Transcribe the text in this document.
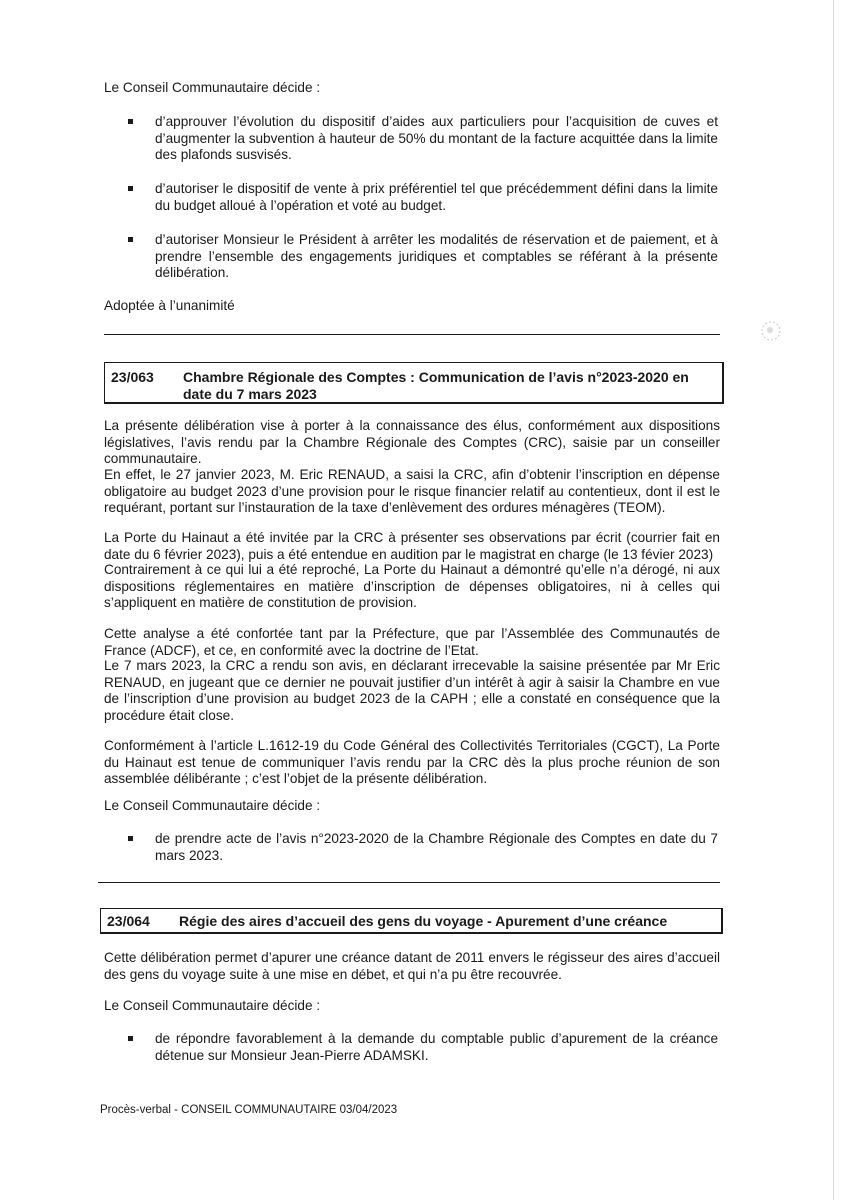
Le Conseil Communautaire décide :

d’approuver l’évolution du dispositif d’aides aux particuliers pour l’acquisition de cuves et d’augmenter la subvention à hauteur de 50% du montant de la facture acquittée dans la limite des plafonds susvisés.

d’autoriser le dispositif de vente à prix préférentiel tel que précédemment défini dans la limite du budget alloué à l’opération et voté au budget.

d’autoriser Monsieur le Président à arrêter les modalités de réservation et de paiement, et à prendre l’ensemble des engagements juridiques et comptables se référant à la présente délibération.

Adoptée à l’unanimité

23/063 Chambre Régionale des Comptes : Communication de l’avis n°2023-2020 en date du 7 mars 2023

La présente délibération vise à porter à la connaissance des élus, conformément aux dispositions législatives, l’avis rendu par la Chambre Régionale des Comptes (CRC), saisie par un conseiller communautaire.

En effet, le 27 janvier 2023, M. Eric RENAUD, a saisi la CRC, afin d’obtenir l’inscription en dépense obligatoire au budget 2023 d’une provision pour le risque financier relatif au contentieux, dont il est le requérant, portant sur l’instauration de la taxe d’enlèvement des ordures ménagères (TEOM).

La Porte du Hainaut a été invitée par la CRC à présenter ses observations par écrit (courrier fait en date du 6 février 2023), puis a été entendue en audition par le magistrat en charge (le 13 févier 2023)

Contrairement à ce qui lui a été reproché, La Porte du Hainaut a démontré qu’elle n’a dérogé, ni aux dispositions réglementaires en matière d’inscription de dépenses obligatoires, ni à celles qui s’appliquent en matière de constitution de provision.

Cette analyse a été confortée tant par la Préfecture, que par l’Assemblée des Communautés de France (ADCF), et ce, en conformité avec la doctrine de l’Etat.

Le 7 mars 2023, la CRC a rendu son avis, en déclarant irrecevable la saisine présentée par Mr Eric RENAUD, en jugeant que ce dernier ne pouvait justifier d’un intérêt à agir à saisir la Chambre en vue de l’inscription d’une provision au budget 2023 de la CAPH ; elle a constaté en conséquence que la procédure était close.

Conformément à l’article L.1612-19 du Code Général des Collectivités Territoriales (CGCT), La Porte du Hainaut est tenue de communiquer l’avis rendu par la CRC dès la plus proche réunion de son assemblée délibérante ; c’est l’objet de la présente délibération.

Le Conseil Communautaire décide :

de prendre acte de l’avis n°2023-2020 de la Chambre Régionale des Comptes en date du 7 mars 2023.

23/064 Régie des aires d’accueil des gens du voyage - Apurement d’une créance

Cette délibération permet d’apurer une créance datant de 2011 envers le régisseur des aires d’accueil des gens du voyage suite à une mise en débet, et qui n’a pu être recouvrée.

Le Conseil Communautaire décide :

de répondre favorablement à la demande du comptable public d’apurement de la créance détenue sur Monsieur Jean-Pierre ADAMSKI.

Procès-verbal - CONSEIL COMMUNAUTAIRE 03/04/2023
